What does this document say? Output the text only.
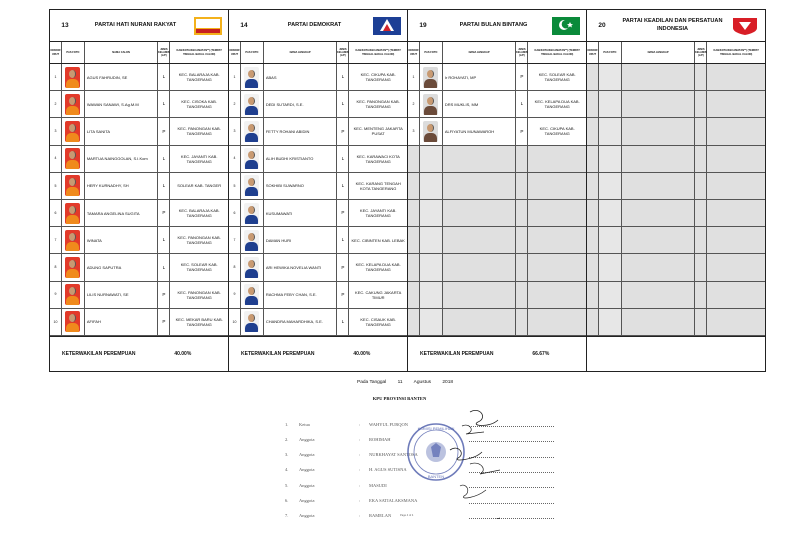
13	PARTAI HATI NURANI RAKYAT
NOMOR URUT
PAS FOTO	NAMA CALON
JENIS KELAMIN (L/P)
KAB/KOTA/KECAMATAN**) (TEMPAT TINGGAL BAKAL CALON)
1	AGUS FAHRUDIN, SE	L	KEC. BALARAJA KAB. TANGERANG
2	WAWAN SANAWI, S.Ag.M.M	L	KEC. CISOKA KAB. TANGERANG
3	LITA SANITA	P	KEC. PANONGAN KAB. TANGERANG
4	MARTUA NAINGGOLAN, S.I.Kom	L	KEC. JAYANTI KAB. TANGERANG
5	HERY KURNADHY, SH	L	SOLEAR KAB. TANGER
6	TAMARA ANGELINA SUGITA	P	KEC. BALARAJA KAB. TANGERANG
7	WINATA	L	KEC. PANONGAN KAB. TANGERANG
8	ADUNG SAPUTRA	L	KEC. SOLEAR KAB. TANGERANG
9	LILIS NURNAWATI, SE	P	KEC. PANONGAN KAB. TANGERANG
10	AFIFAH	P	KEC. MEKAR BARU KAB. TANGERANG
KETERWAKILAN PEREMPUAN	40.00%
14	PARTAI DEMOKRAT
NOMOR URUT
PAS FOTO	NAMA LENGKAP
JENIS KELAMIN (L/P)
KAB/KOTA/KECAMATAN**) (TEMPAT TINGGAL BAKAL CALON)
1	ABAS	L	KEC. CIKUPA KAB. TANGERANG
2	DEDI SUTARDI, S.E.	L	KEC. PANONGAN KAB. TANGERANG
3	FETTY ROHANI ABIDIN	P	KEC. MENTENG JAKARTA PUSAT
4	ALIH BUDHI KRISTIANTO	L	KEC. KARAWACI KOTA TANGERANG
5	SOKHIBI SUWARNO	L	KEC. KARANG TENGAH KOTA TANGERANG
6	KUSUMAWATI	P	KEC. JAYANTI KAB. TANGERANG
7	DAMAN HURI	L	KEC. CIBINTEN KAB. LEBAK
8	ARI HEWIKA NOVELIA WANTI	P	KEC. KELAPA DUA KAB. TANGERANG
9	RACHMA FEBY CHAN, S.E.	P	KEC. CAKUNG JAKARTA TIMUR
10	CHANDRA MAHARDHIKA, S.E.	L	KEC. CISAUK KAB. TANGERANG
KETERWAKILAN PEREMPUAN	40.00%
19	PARTAI BULAN BINTANG
NOMOR URUT
PAS FOTO	NAMA LENGKAP
JENIS KELAMIN (L/P)
KAB/KOTA/KECAMATAN**) (TEMPAT TINGGAL BAKAL CALON)
1	Ir ROHAYATI, MP	P	KEC. SOLEAR KAB. TANGERANG
2	DRS MUKLIS, MM	L	KEC. KELAPA DUA KAB. TANGERANG
3	ALFIYATUN MUNAWAROH	P	KEC. CIKUPA KAB. TANGERANG
KETERWAKILAN PEREMPUAN	66.67%
20
PARTAI KEADILAN DAN PERSATUAN INDONESIA
NOMOR URUT
PAS FOTO	NAMA LENGKAP
JENIS KELAMIN (L/P)
KAB/KOTA/KECAMATAN**) (TEMPAT TINGGAL BAKAL CALON)
Pada Tanggal 11 Agustus 2018
KPU PROVINSI BANTEN
1.	Ketua	:	WAHYUL FURQON
2.	Anggota	:	ROHIMAH
3.	Anggota	:	NURKHAYAT SANTOSA
4.	Anggota	:	H. AGUS SUTISNA
5.	Anggota	:	MASUDI
6.	Anggota	:	EKA SATIALAKSMANA
7.	Anggota	:	RAMELAN
KOMISI PEMILIHAN
BANTEN
Page 4 of 4
